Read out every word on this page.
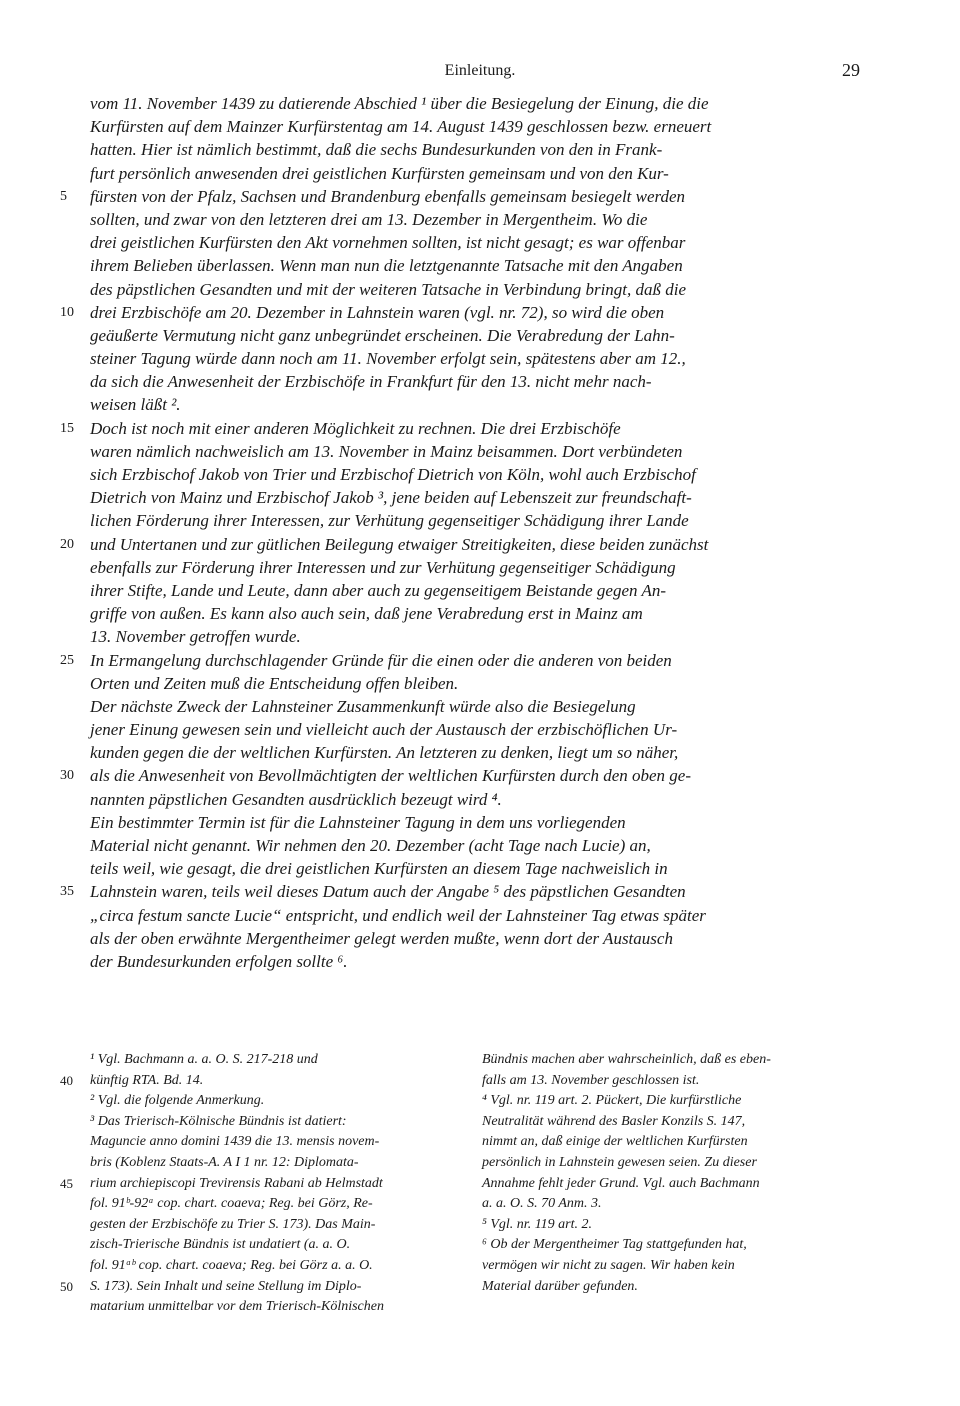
Einleitung.	29
vom 11. November 1439 zu datierende Abschied ¹ über die Besiegelung der Einung, die die
Kurfürsten auf dem Mainzer Kurfürstentag am 14. August 1439 geschlossen bezw. erneuert
hatten. Hier ist nämlich bestimmt, daß die sechs Bundesurkunden von den in Frank-
furt persönlich anwesenden drei geistlichen Kurfürsten gemeinsam und von den Kur-
5	fürsten von der Pfalz, Sachsen und Brandenburg ebenfalls gemeinsam besiegelt werden
sollten, und zwar von den letzteren drei am 13. Dezember in Mergentheim. Wo die
drei geistlichen Kurfürsten den Akt vornehmen sollten, ist nicht gesagt; es war offenbar
ihrem Belieben überlassen. Wenn man nun die letztgenannte Tatsache mit den Angaben
des päpstlichen Gesandten und mit der weiteren Tatsache in Verbindung bringt, daß die
10 drei Erzbischöfe am 20. Dezember in Lahnstein waren (vgl. nr. 72), so wird die oben
geäußerte Vermutung nicht ganz unbegründet erscheinen. Die Verabredung der Lahn-
steiner Tagung würde dann noch am 11. November erfolgt sein, spätestens aber am 12.,
da sich die Anwesenheit der Erzbischöfe in Frankfurt für den 13. nicht mehr nach-
weisen läßt ².
15 Doch ist noch mit einer anderen Möglichkeit zu rechnen. Die drei Erzbischöfe
waren nämlich nachweislich am 13. November in Mainz beisammen. Dort verbündeten
sich Erzbischof Jakob von Trier und Erzbischof Dietrich von Köln, wohl auch Erzbischof
Dietrich von Mainz und Erzbischof Jakob ³, jene beiden auf Lebenszeit zur freundschaft-
lichen Förderung ihrer Interessen, zur Verhütung gegenseitiger Schädigung ihrer Lande
20 und Untertanen und zur gütlichen Beilegung etwaiger Streitigkeiten, diese beiden zunächst
ebenfalls zur Förderung ihrer Interessen und zur Verhütung gegenseitiger Schädigung
ihrer Stifte, Lande und Leute, dann aber auch zu gegenseitigem Beistande gegen An-
griffe von außen. Es kann also auch sein, daß jene Verabredung erst in Mainz am
13. November getroffen wurde.
25 In Ermangelung durchschlagender Gründe für die einen oder die anderen von beiden
Orten und Zeiten muß die Entscheidung offen bleiben.
Der nächste Zweck der Lahnsteiner Zusammenkunft würde also die Besiegelung
jener Einung gewesen sein und vielleicht auch der Austausch der erzbischöflichen Ur-
kunden gegen die der weltlichen Kurfürsten. An letzteren zu denken, liegt um so näher,
30 als die Anwesenheit von Bevollmächtigten der weltlichen Kurfürsten durch den oben ge-
nannten päpstlichen Gesandten ausdrücklich bezeugt wird ⁴.
Ein bestimmter Termin ist für die Lahnsteiner Tagung in dem uns vorliegenden
Material nicht genannt. Wir nehmen den 20. Dezember (acht Tage nach Lucie) an,
teils weil, wie gesagt, die drei geistlichen Kurfürsten an diesem Tage nachweislich in
35 Lahnstein waren, teils weil dieses Datum auch der Angabe ⁵ des päpstlichen Gesandten
„circa festum sancte Lucie“ entspricht, und endlich weil der Lahnsteiner Tag etwas später
als der oben erwähnte Mergentheimer gelegt werden mußte, wenn dort der Austausch
der Bundesurkunden erfolgen sollte ⁶.
¹ Vgl. Bachmann a. a. O. S. 217-218 und
40	künftig RTA. Bd. 14.
² Vgl. die folgende Anmerkung.
³ Das Trierisch-Kölnische Bündnis ist datiert:
Maguncie anno domini 1439 die 13. mensis novem-
bris (Koblenz Staats-A. A I 1 nr. 12: Diplomata-
45	rium archiepiscopi Trevirensis Rabani ab Helmstadt
fol. 91ᵇ-92ᵃ cop. chart. coaeva; Reg. bei Görz, Re-
gesten der Erzbischöfe zu Trier S. 173). Das Main-
zisch-Trierische Bündnis ist undatiert (a. a. O.
fol. 91ᵃᵇ cop. chart. coaeva; Reg. bei Görz a. a. O.
50	S. 173). Sein Inhalt und seine Stellung im Diplo-
matarium unmittelbar vor dem Trierisch-Kölnischen
Bündnis machen aber wahrscheinlich, daß es eben-
falls am 13. November geschlossen ist.
⁴ Vgl. nr. 119 art. 2. Pückert, Die kurfürstliche
Neutralität während des Basler Konzils S. 147,
nimmt an, daß einige der weltlichen Kurfürsten
persönlich in Lahnstein gewesen seien. Zu dieser
Annahme fehlt jeder Grund. Vgl. auch Bachmann
a. a. O. S. 70 Anm. 3.
⁵ Vgl. nr. 119 art. 2.
⁶ Ob der Mergentheimer Tag stattgefunden hat,
vermögen wir nicht zu sagen. Wir haben kein
Material darüber gefunden.
